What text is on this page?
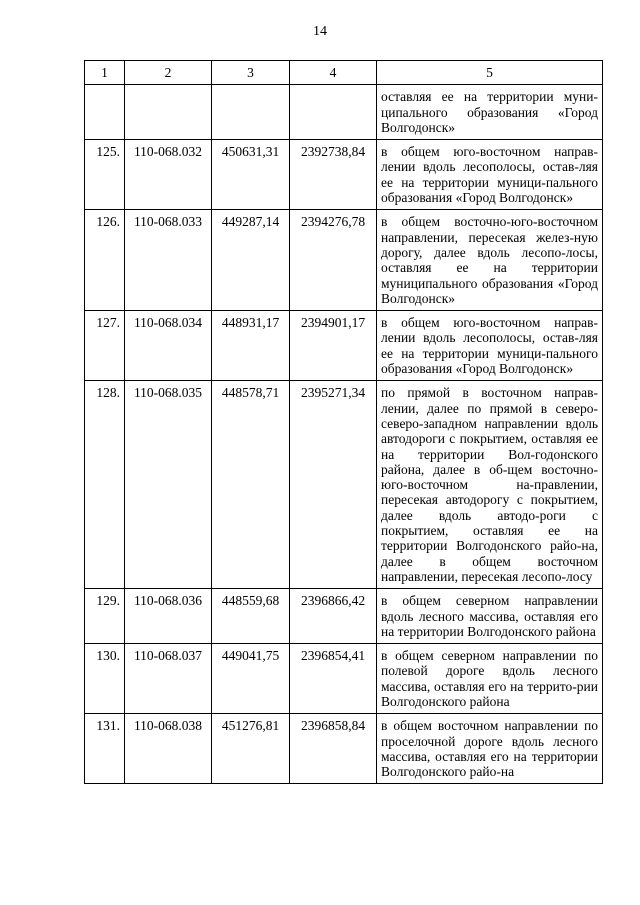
14
1	2	3	4	5
				оставляя ее на территории муни-ципального образования «Город Волгодонск»
125.	110-068.032	450631,31	2392738,84	в общем юго-восточном направ-лении вдоль лесополосы, остав-ляя ее на территории муници-пального образования «Город Волгодонск»
126.	110-068.033	449287,14	2394276,78	в общем восточно-юго-восточном направлении, пересекая желез-ную дорогу, далее вдоль лесопо-лосы, оставляя ее на территории муниципального образования «Город Волгодонск»
127.	110-068.034	448931,17	2394901,17	в общем юго-восточном направ-лении вдоль лесополосы, остав-ляя ее на территории муници-пального образования «Город Волгодонск»
128.	110-068.035	448578,71	2395271,34	по прямой в восточном направ-лении, далее по прямой в северо-северо-западном направлении вдоль автодороги с покрытием, оставляя ее на территории Вол-годонского района, далее в об-щем восточно-юго-восточном на-правлении, пересекая автодорогу с покрытием, далее вдоль автодо-роги с покрытием, оставляя ее на территории Волгодонского райо-на, далее в общем восточном направлении, пересекая лесопо-лосу
129.	110-068.036	448559,68	2396866,42	в общем северном направлении вдоль лесного массива, оставляя его на территории Волгодонского района
130.	110-068.037	449041,75	2396854,41	в общем северном направлении по полевой дороге вдоль лесного массива, оставляя его на террито-рии Волгодонского района
131.	110-068.038	451276,81	2396858,84	в общем восточном направлении по проселочной дороге вдоль лесного массива, оставляя его на территории Волгодонского райо-на
